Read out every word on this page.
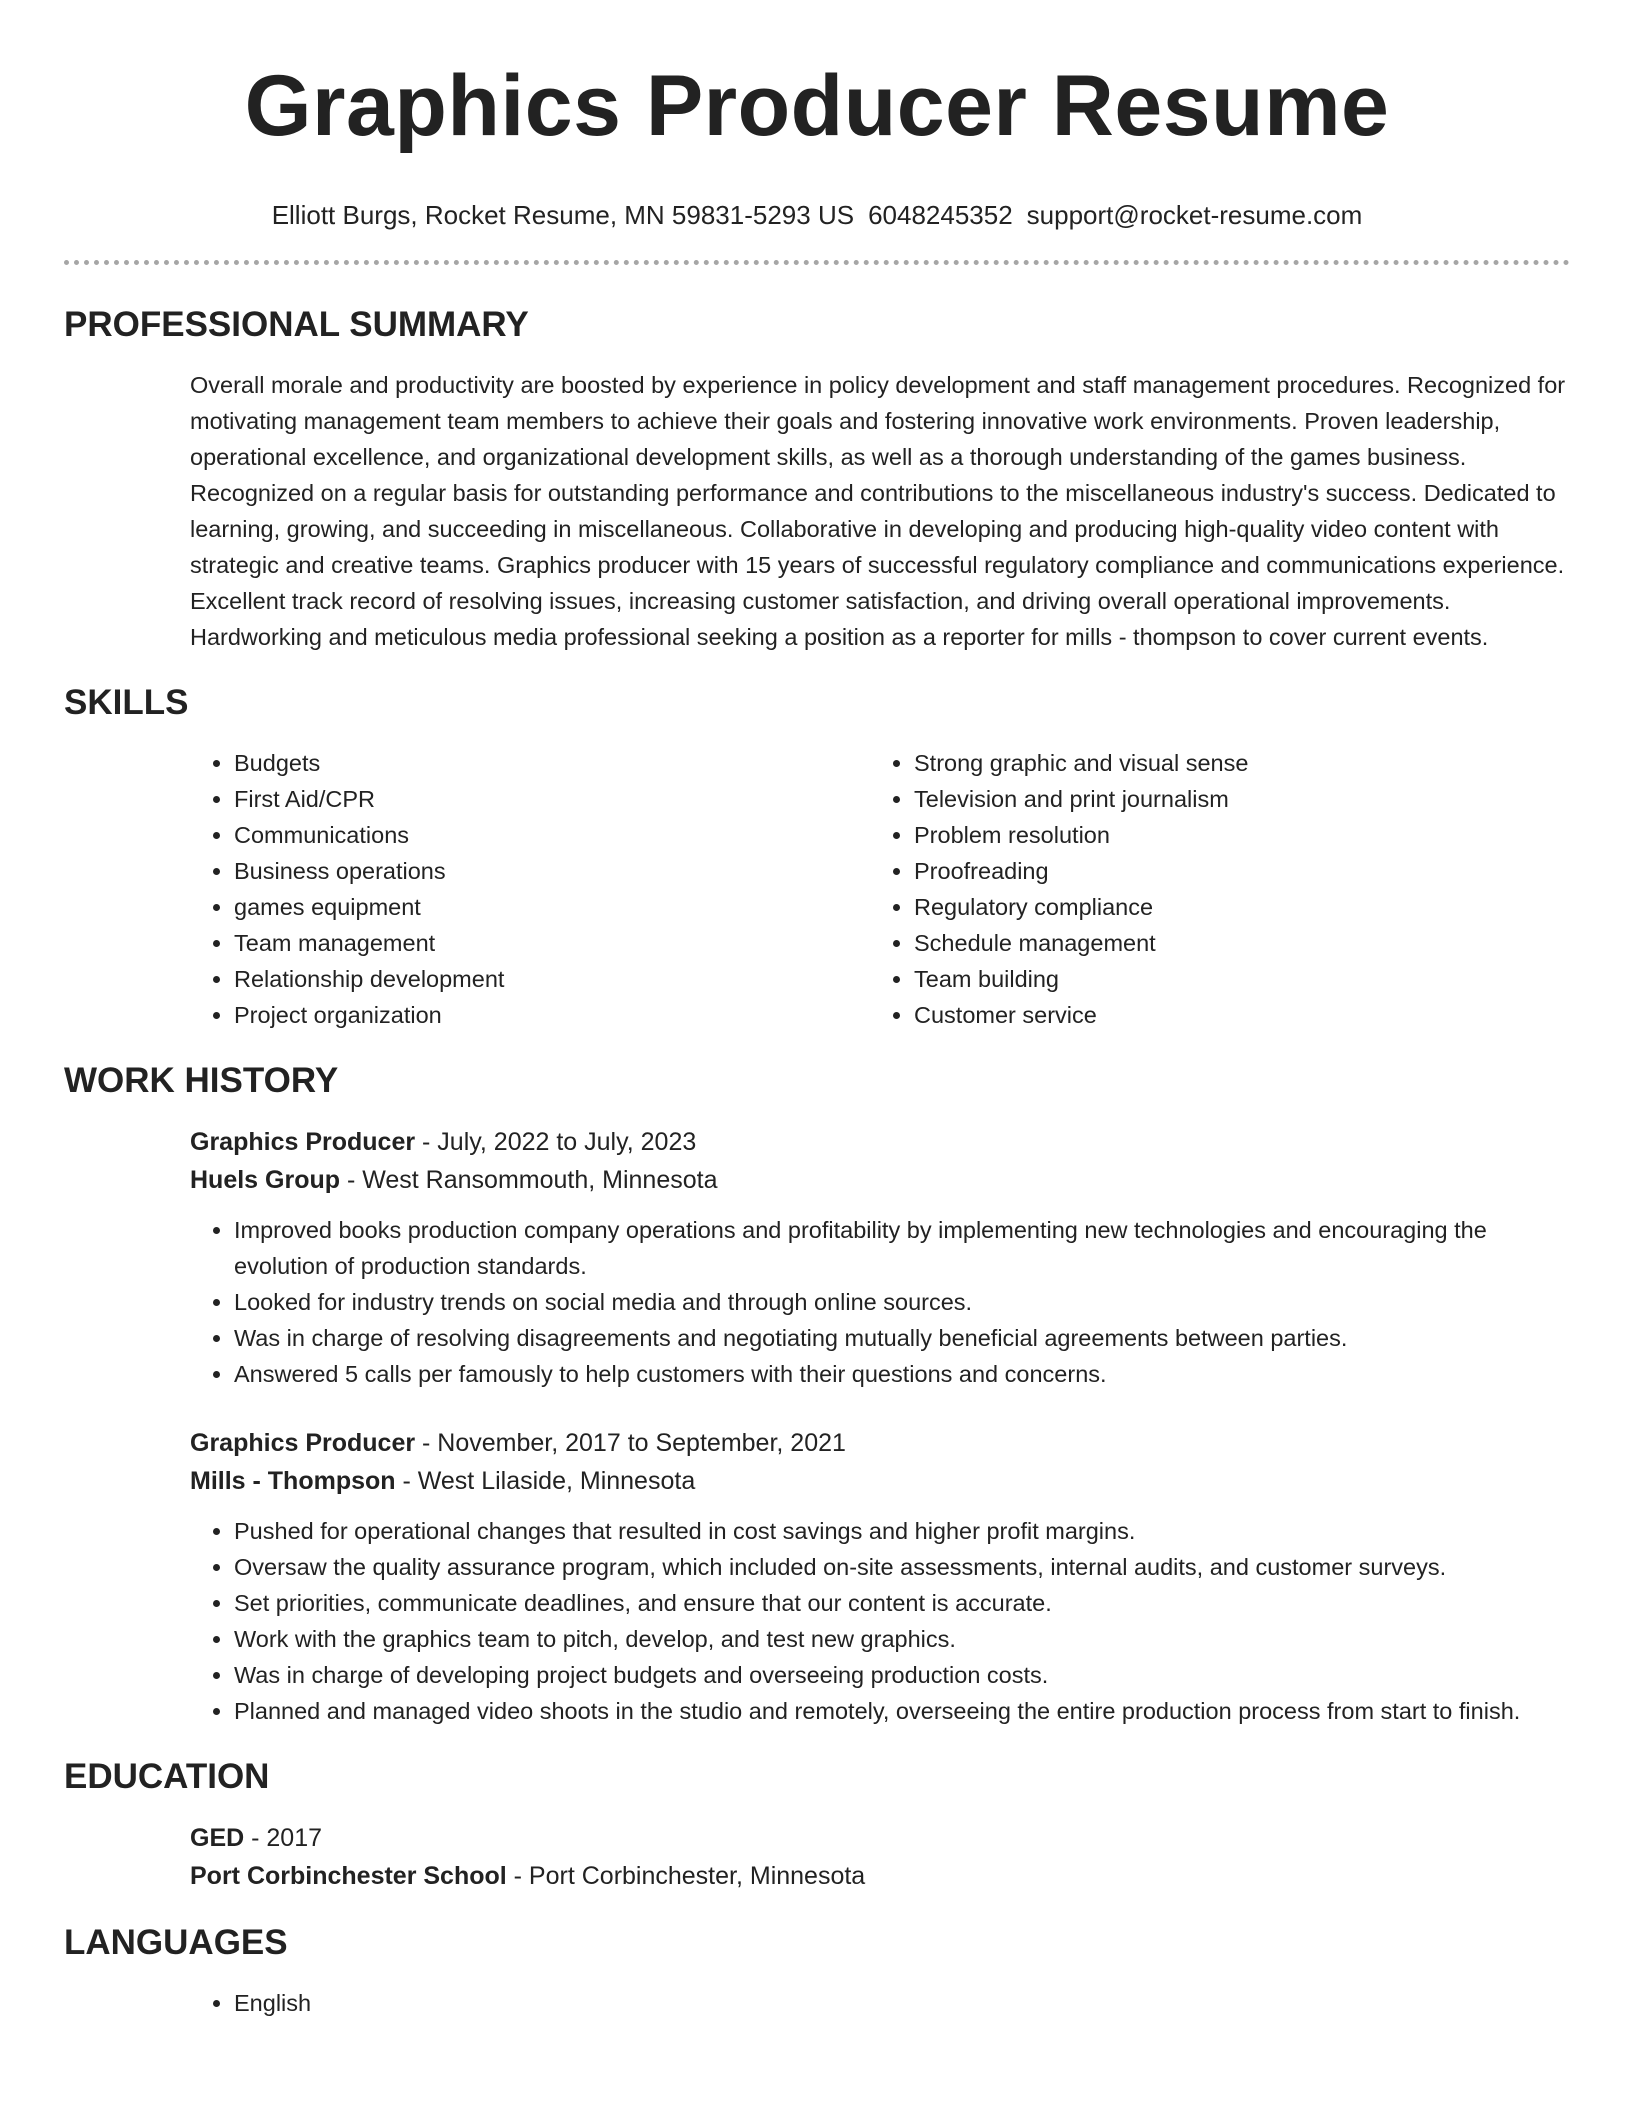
Graphics Producer Resume
Elliott Burgs, Rocket Resume, MN 59831-5293 US 6048245352 support@rocket-resume.com
PROFESSIONAL SUMMARY

Overall morale and productivity are boosted by experience in policy development and staff management procedures. Recognized for motivating management team members to achieve their goals and fostering innovative work environments. Proven leadership, operational excellence, and organizational development skills, as well as a thorough understanding of the games business. Recognized on a regular basis for outstanding performance and contributions to the miscellaneous industry's success. Dedicated to learning, growing, and succeeding in miscellaneous. Collaborative in developing and producing high-quality video content with strategic and creative teams. Graphics producer with 15 years of successful regulatory compliance and communications experience. Excellent track record of resolving issues, increasing customer satisfaction, and driving overall operational improvements. Hardworking and meticulous media professional seeking a position as a reporter for mills - thompson to cover current events.

SKILLS
• Budgets
• First Aid/CPR
• Communications
• Business operations
• games equipment
• Team management
• Relationship development
• Project organization
• Strong graphic and visual sense
• Television and print journalism
• Problem resolution
• Proofreading
• Regulatory compliance
• Schedule management
• Team building
• Customer service
WORK HISTORY
Graphics Producer - July, 2022 to July, 2023
Huels Group - West Ransommouth, Minnesota
• Improved books production company operations and profitability by implementing new technologies and encouraging the evolution of production standards.
• Looked for industry trends on social media and through online sources.
• Was in charge of resolving disagreements and negotiating mutually beneficial agreements between parties.
• Answered 5 calls per famously to help customers with their questions and concerns.
Graphics Producer - November, 2017 to September, 2021
Mills - Thompson - West Lilaside, Minnesota
• Pushed for operational changes that resulted in cost savings and higher profit margins.
• Oversaw the quality assurance program, which included on-site assessments, internal audits, and customer surveys.
• Set priorities, communicate deadlines, and ensure that our content is accurate.
• Work with the graphics team to pitch, develop, and test new graphics.
• Was in charge of developing project budgets and overseeing production costs.
• Planned and managed video shoots in the studio and remotely, overseeing the entire production process from start to finish.
EDUCATION
GED - 2017
Port Corbinchester School - Port Corbinchester, Minnesota
LANGUAGES
• English
